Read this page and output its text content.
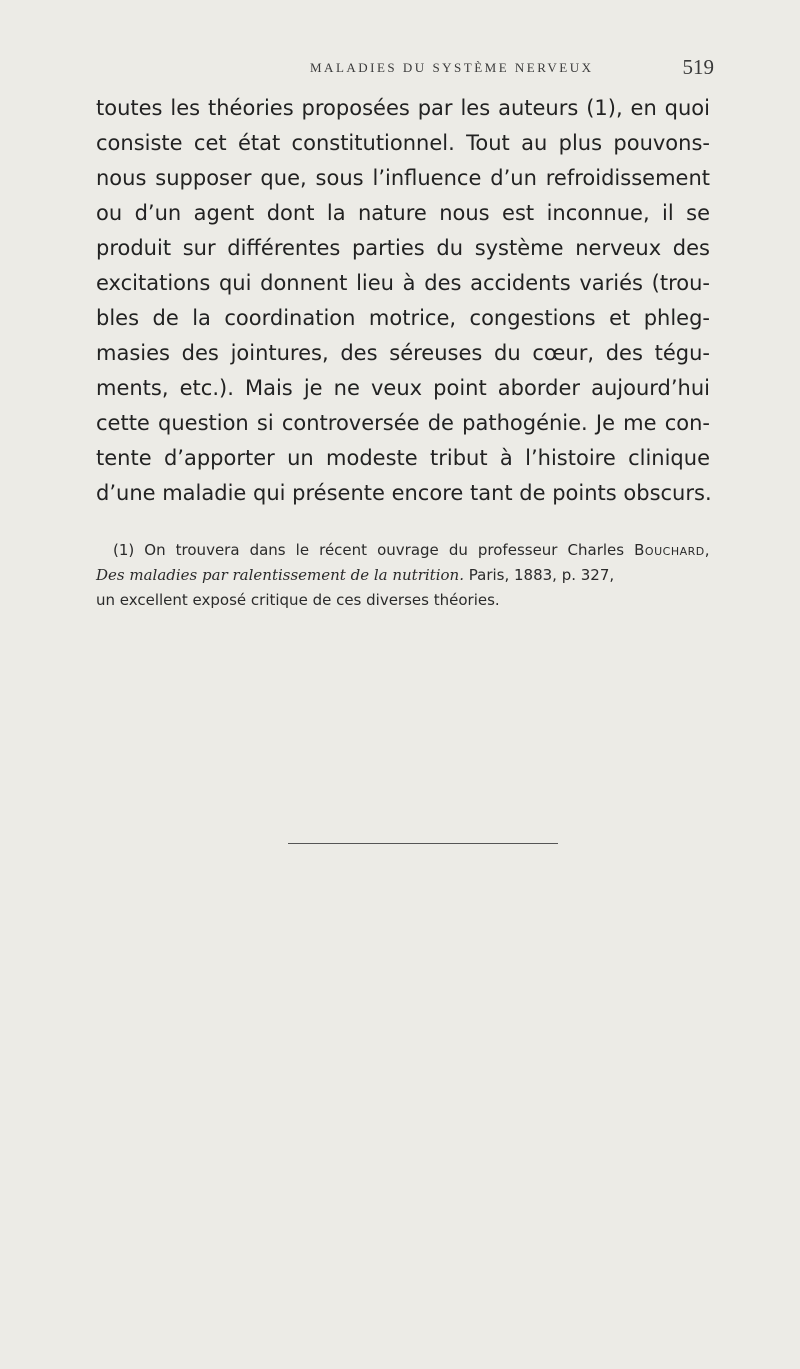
MALADIES DU SYSTÈME NERVEUX	519
toutes les théories proposées par les auteurs (1), en quoi
consiste cet état constitutionnel. Tout au plus pouvons-
nous supposer que, sous l’influence d’un refroidissement
ou d’un agent dont la nature nous est inconnue, il se
produit sur différentes parties du système nerveux des
excitations qui donnent lieu à des accidents variés (trou-
bles de la coordination motrice, congestions et phleg-
masies des jointures, des séreuses du cœur, des tégu-
ments, etc.). Mais je ne veux point aborder aujourd’hui
cette question si controversée de pathogénie. Je me con-
tente d’apporter un modeste tribut à l’histoire clinique
d’une maladie qui présente encore tant de points obscurs.
(1) On trouvera dans le récent ouvrage du professeur Charles Bouchard,
Des maladies par ralentissement de la nutrition. Paris, 1883, p. 327,
un excellent exposé critique de ces diverses théories.
